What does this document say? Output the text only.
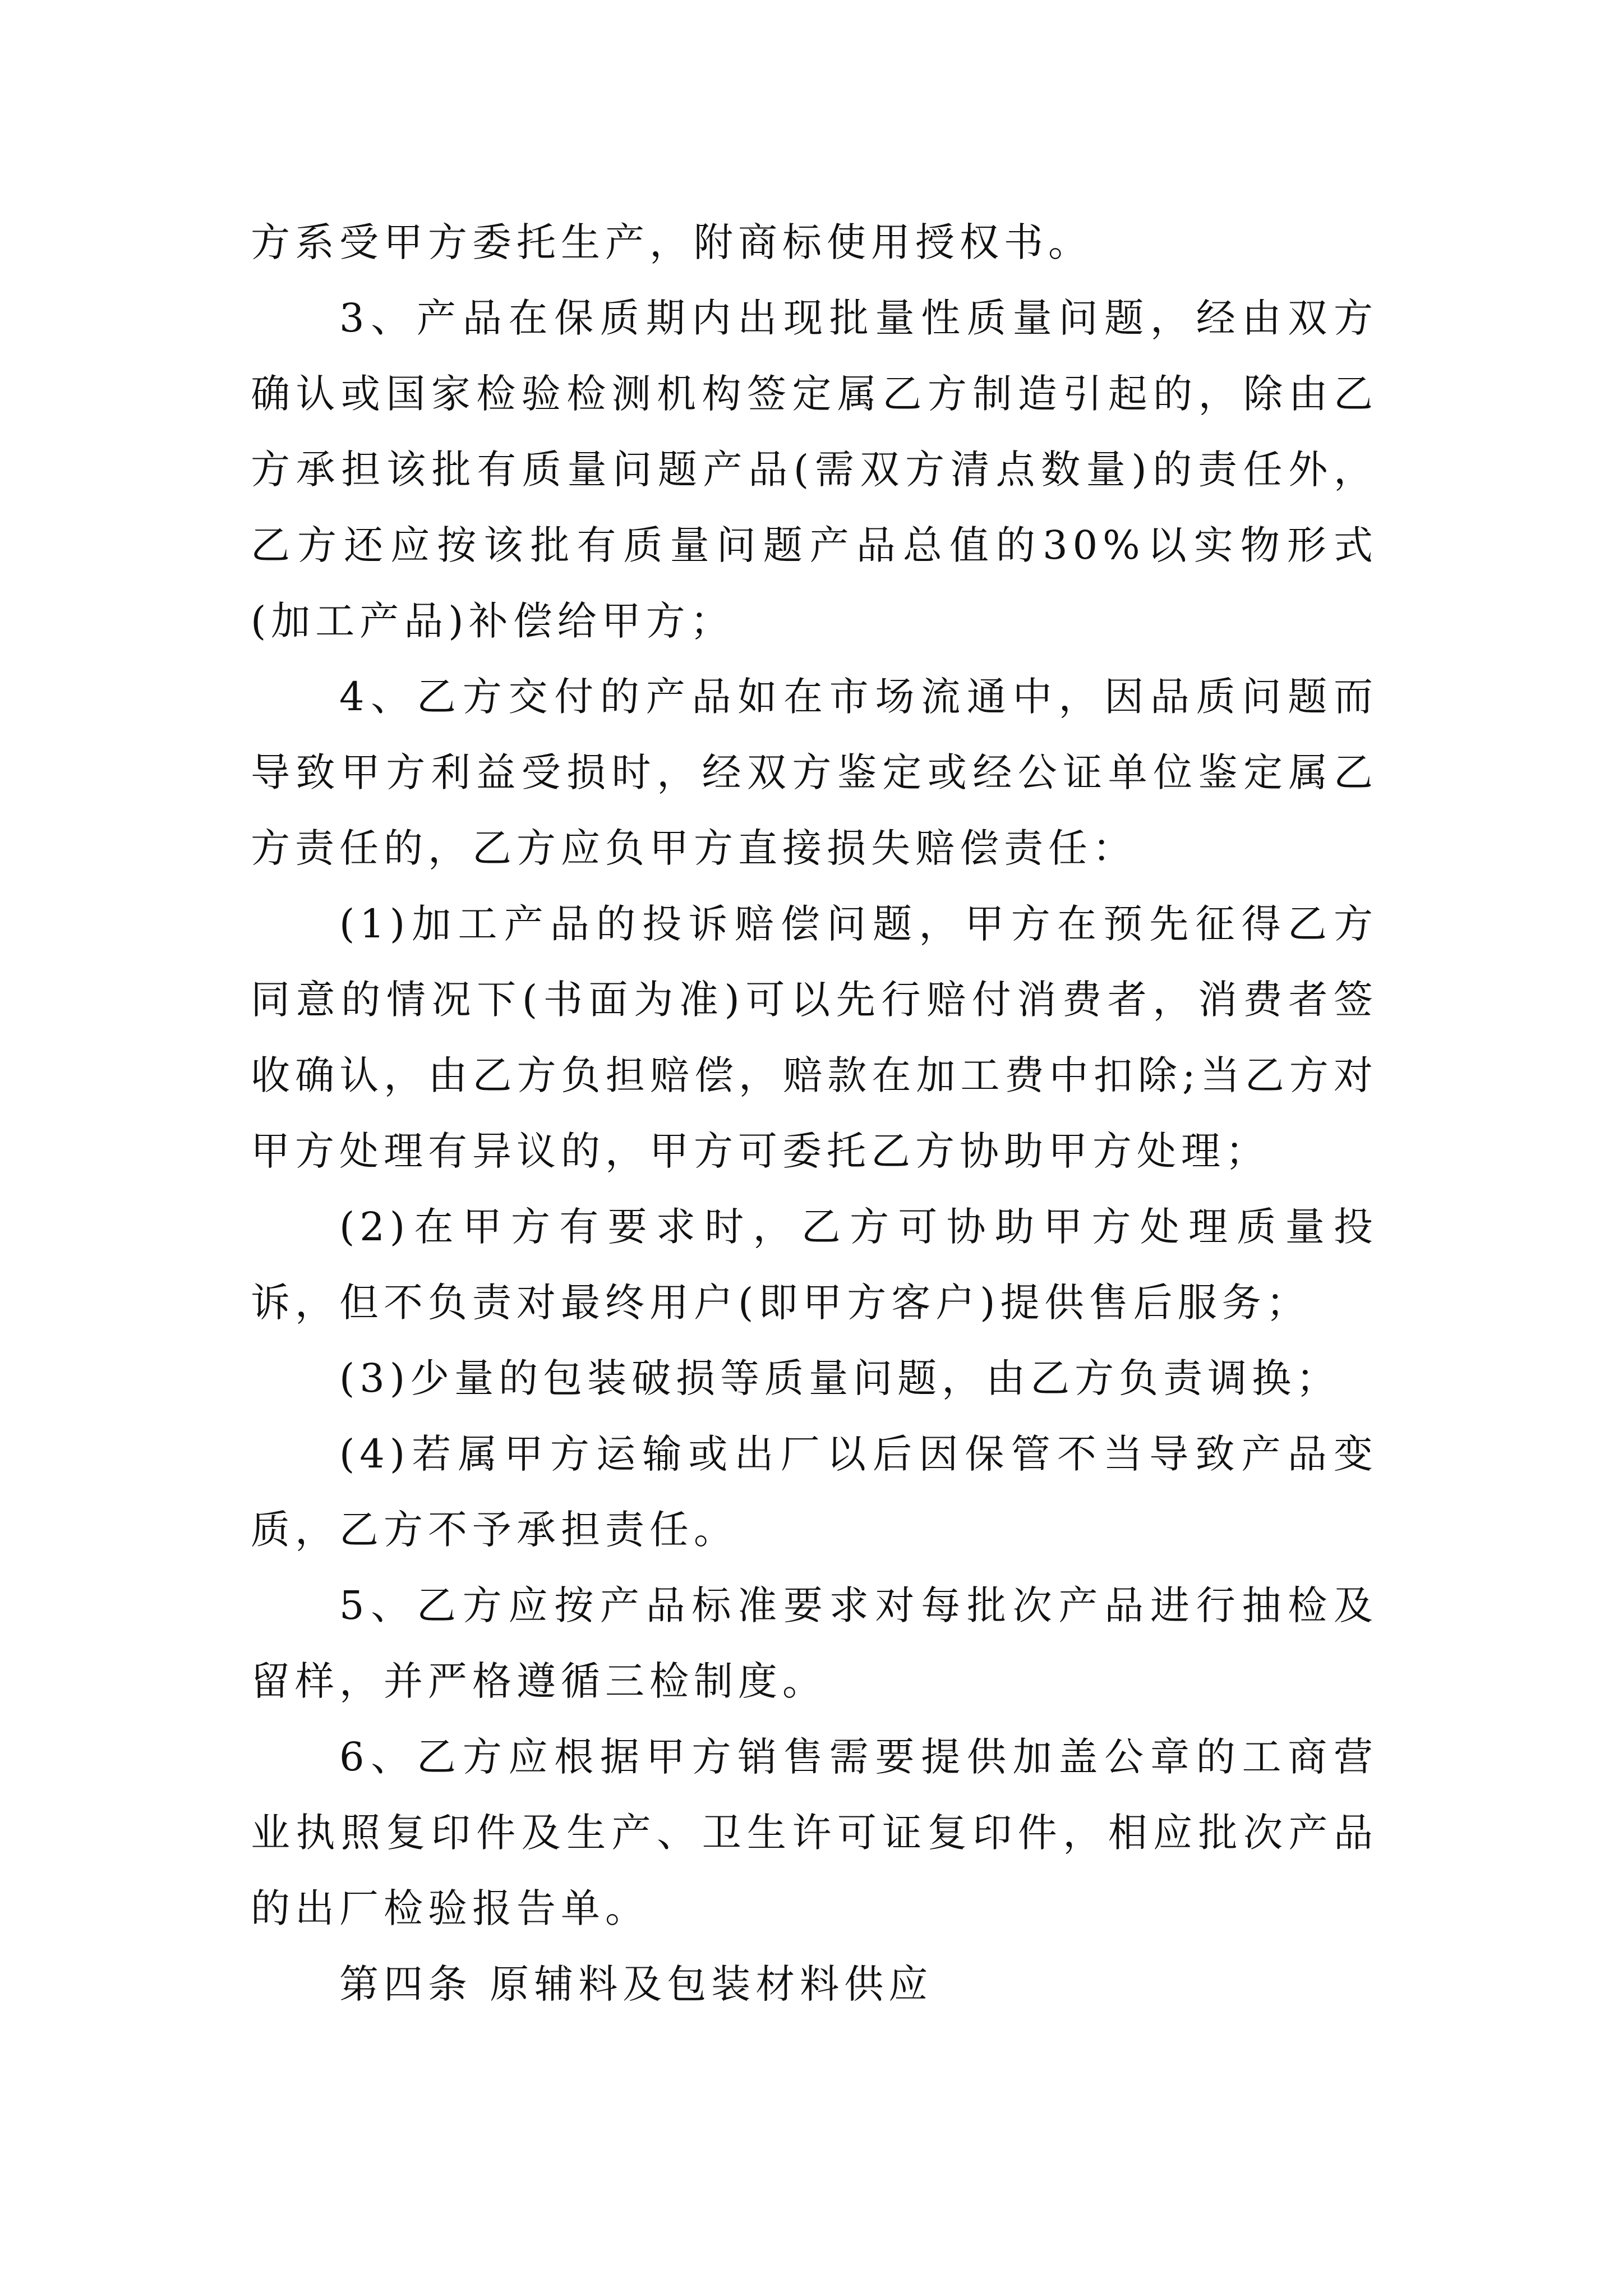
方系受甲方委托生产，附商标使用授权书。

3、产品在保质期内出现批量性质量问题，经由双方确认或国家检验检测机构签定属乙方制造引起的，除由乙方承担该批有质量问题产品(需双方清点数量)的责任外，乙方还应按该批有质量问题产品总值的30%以实物形式(加工产品)补偿给甲方；

4、乙方交付的产品如在市场流通中，因品质问题而导致甲方利益受损时，经双方鉴定或经公证单位鉴定属乙方责任的，乙方应负甲方直接损失赔偿责任：

(1)加工产品的投诉赔偿问题，甲方在预先征得乙方同意的情况下(书面为准)可以先行赔付消费者，消费者签收确认，由乙方负担赔偿，赔款在加工费中扣除;当乙方对甲方处理有异议的，甲方可委托乙方协助甲方处理；

(2)在甲方有要求时，乙方可协助甲方处理质量投诉，但不负责对最终用户(即甲方客户)提供售后服务；

(3)少量的包装破损等质量问题，由乙方负责调换；

(4)若属甲方运输或出厂以后因保管不当导致产品变质，乙方不予承担责任。

5、乙方应按产品标准要求对每批次产品进行抽检及留样，并严格遵循三检制度。

6、乙方应根据甲方销售需要提供加盖公章的工商营业执照复印件及生产、卫生许可证复印件，相应批次产品的出厂检验报告单。

第四条 原辅料及包装材料供应
